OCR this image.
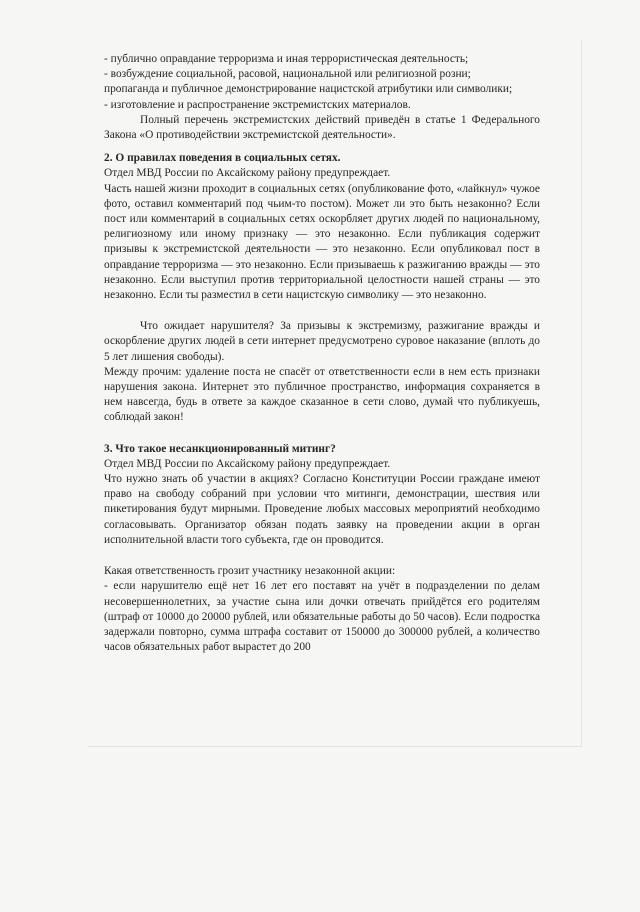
- публично оправдание терроризма и иная террористическая деятельность;

- возбуждение социальной, расовой, национальной или религиозной розни;

пропаганда и публичное демонстрирование нацистской атрибутики или символики;

- изготовление и распространение экстремистских материалов.

Полный перечень экстремистских действий приведён в статье 1 Федерального Закона «О противодействии экстремистской деятельности».

2. О правилах поведения в социальных сетях.

Отдел МВД России по Аксайскому району предупреждает.

Часть нашей жизни проходит в социальных сетях (опубликование фото, «лайкнул» чужое фото, оставил комментарий под чьим-то постом). Может ли это быть незаконно? Если пост или комментарий в социальных сетях оскорбляет других людей по национальному, религиозному или иному признаку — это незаконно. Если публикация содержит призывы к экстремистской деятельности — это незаконно. Если опубликовал пост в оправдание терроризма — это незаконно. Если призываешь к разжиганию вражды — это незаконно. Если выступил против территориальной целостности нашей страны — это незаконно. Если ты разместил в сети нацистскую символику — это незаконно.

Что ожидает нарушителя? За призывы к экстремизму, разжигание вражды и оскорбление других людей в сети интернет предусмотрено суровое наказание (вплоть до 5 лет лишения свободы).

Между прочим: удаление поста не спасёт от ответственности если в нем есть признаки нарушения закона. Интернет это публичное пространство, информация сохраняется в нем навсегда, будь в ответе за каждое сказанное в сети слово, думай что публикуешь, соблюдай закон!

3. Что такое несанкционированный митинг?

Отдел МВД России по Аксайскому району предупреждает.

Что нужно знать об участии в акциях? Согласно Конституции России граждане имеют право на свободу собраний при условии что митинги, демонстрации, шествия или пикетирования будут мирными. Проведение любых массовых мероприятий необходимо согласовывать. Организатор обязан подать заявку на проведении акции в орган исполнительной власти того субъекта, где он проводится.

Какая ответственность грозит участнику незаконной акции:

- если нарушителю ещё нет 16 лет его поставят на учёт в подразделении по делам несовершеннолетних, за участие сына или дочки отвечать прийдётся его родителям (штраф от 10000 до 20000 рублей, или обязательные работы до 50 часов). Если подростка задержали повторно, сумма штрафа составит от 150000 до 300000 рублей, а количество часов обязательных работ вырастет до 200
